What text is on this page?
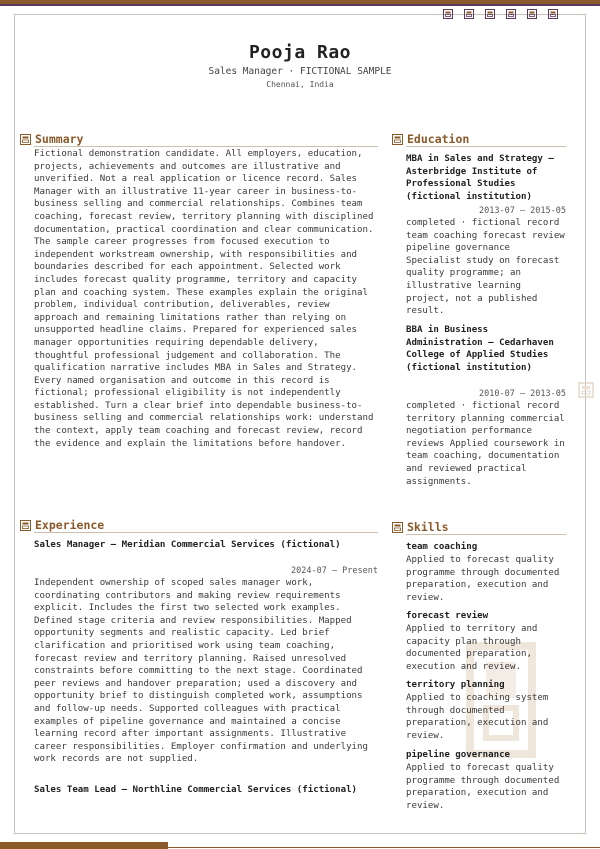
Pooja Rao
Sales Manager · FICTIONAL SAMPLE
Chennai, India
Summary
Fictional demonstration candidate. All employers, education, projects, achievements and outcomes are illustrative and unverified. Not a real application or licence record. Sales Manager with an illustrative 11-year career in business-to-business selling and commercial relationships. Combines team coaching, forecast review, territory planning with disciplined documentation, practical coordination and clear communication. The sample career progresses from focused execution to independent workstream ownership, with responsibilities and boundaries described for each appointment. Selected work includes forecast quality programme, territory and capacity plan and coaching system. These examples explain the original problem, individual contribution, deliverables, review approach and remaining limitations rather than relying on unsupported headline claims. Prepared for experienced sales manager opportunities requiring dependable delivery, thoughtful professional judgement and collaboration. The qualification narrative includes MBA in Sales and Strategy. Every named organisation and outcome in this record is fictional; professional eligibility is not independently established. Turn a clear brief into dependable business-to-business selling and commercial relationships work: understand the context, apply team coaching and forecast review, record the evidence and explain the limitations before handover.
Experience
Sales Manager — Meridian Commercial Services (fictional)
2024-07 – Present
Independent ownership of scoped sales manager work, coordinating contributors and making review requirements explicit. Includes the first two selected work examples. Defined stage criteria and review responsibilities. Mapped opportunity segments and realistic capacity. Led brief clarification and prioritised work using team coaching, forecast review and territory planning. Raised unresolved constraints before committing to the next stage. Coordinated peer reviews and handover preparation; used a discovery and opportunity brief to distinguish completed work, assumptions and follow-up needs. Supported colleagues with practical examples of pipeline governance and maintained a concise learning record after important assignments. Illustrative career responsibilities. Employer confirmation and underlying work records are not supplied.
Sales Team Lead — Northline Commercial Services (fictional)
Education
MBA in Sales and Strategy — Asterbridge Institute of Professional Studies (fictional institution)
2013-07 – 2015-05
completed · fictional record team coaching forecast review pipeline governance Specialist study on forecast quality programme; an illustrative learning project, not a published result.
BBA in Business Administration — Cedarhaven College of Applied Studies (fictional institution)
2010-07 – 2013-05
completed · fictional record territory planning commercial negotiation performance reviews Applied coursework in team coaching, documentation and reviewed practical assignments.
Skills
team coaching
Applied to forecast quality programme through documented preparation, execution and review.
forecast review
Applied to territory and capacity plan through documented preparation, execution and review.
territory planning
Applied to coaching system through documented preparation, execution and review.
pipeline governance
Applied to forecast quality programme through documented preparation, execution and review.
